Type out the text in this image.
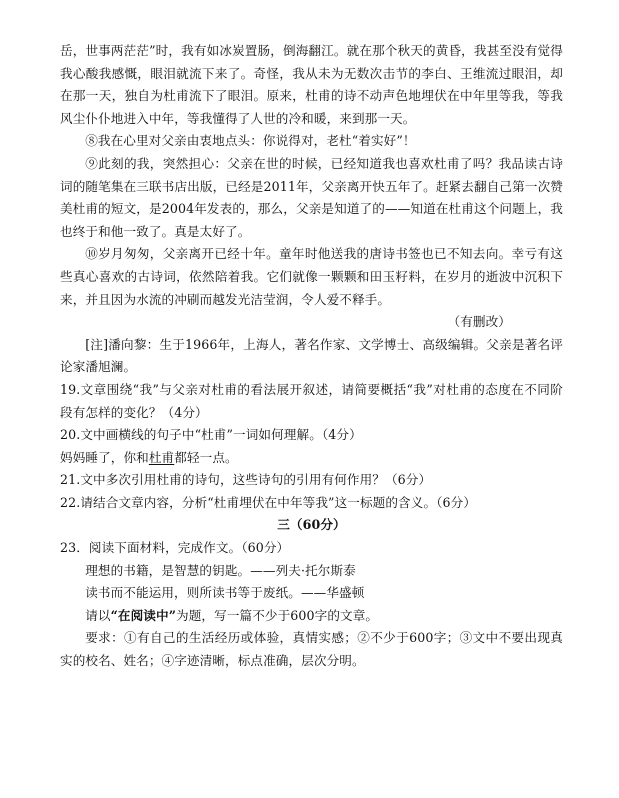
岳，世事两茫茫”时，我有如冰炭置肠，倒海翻江。就在那个秋天的黄昏，我甚至没有觉得我心酸我感慨，眼泪就流下来了。奇怪，我从未为无数次击节的李白、王维流过眼泪，却在那一天，独自为杜甫流下了眼泪。原来，杜甫的诗不动声色地埋伏在中年里等我，等我风尘仆仆地进入中年，等我懂得了人世的冷和暖，来到那一天。

⑧我在心里对父亲由衷地点头：你说得对，老杜“着实好”！

⑨此刻的我，突然担心：父亲在世的时候，已经知道我也喜欢杜甫了吗？我品读古诗词的随笔集在三联书店出版，已经是2011年，父亲离开快五年了。赶紧去翻自己第一次赞美杜甫的短文，是2004年发表的，那么，父亲是知道了的——知道在杜甫这个问题上，我也终于和他一致了。真是太好了。

⑩岁月匆匆，父亲离开已经十年。童年时他送我的唐诗书签也已不知去向。幸亏有这些真心喜欢的古诗词，依然陪着我。它们就像一颗颗和田玉籽料，在岁月的逝波中沉积下来，并且因为水流的冲刷而越发光洁莹润，令人爱不释手。

（有删改）

[注]潘向黎：生于1966年，上海人，著名作家、文学博士、高级编辑。父亲是著名评论家潘旭澜。

19.文章围绕“我”与父亲对杜甫的看法展开叙述，请简要概括“我”对杜甫的态度在不同阶段有怎样的变化？（4分）

20.文中画横线的句子中“杜甫”一词如何理解。（4分）

妈妈睡了，你和杜甫都轻一点。

21.文中多次引用杜甫的诗句，这些诗句的引用有何作用？（6分）

22.请结合文章内容，分析“杜甫埋伏在中年等我”这一标题的含义。（6分）

三（60分）

23．阅读下面材料，完成作文。（60分）

理想的书籍，是智慧的钥匙。——列夫·托尔斯泰

读书而不能运用，则所读书等于废纸。——华盛顿

请以“在阅读中”为题，写一篇不少于600字的文章。

要求：①有自己的生活经历或体验，真情实感；②不少于600字；③文中不要出现真实的校名、姓名；④字迹清晰，标点准确，层次分明。
